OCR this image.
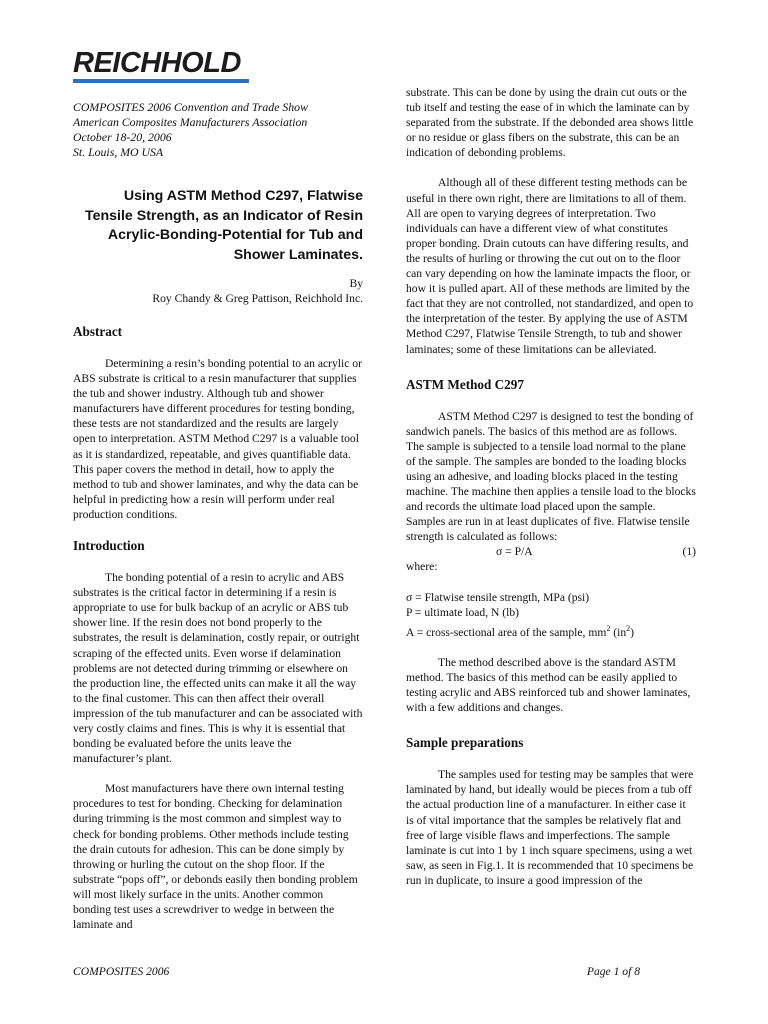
REICHHOLD

COMPOSITES 2006 Convention and Trade Show

American Composites Manufacturers Association

October 18-20, 2006

St. Louis, MO USA

Using ASTM Method C297, Flatwise Tensile Strength, as an Indicator of Resin Acrylic-Bonding-Potential for Tub and Shower Laminates.
By
Roy Chandy & Greg Pattison, Reichhold Inc.
Abstract

Determining a resin’s bonding potential to an acrylic or ABS substrate is critical to a resin manufacturer that supplies the tub and shower industry. Although tub and shower manufacturers have different procedures for testing bonding, these tests are not standardized and the results are largely open to interpretation. ASTM Method C297 is a valuable tool as it is standardized, repeatable, and gives quantifiable data. This paper covers the method in detail, how to apply the method to tub and shower laminates, and why the data can be helpful in predicting how a resin will perform under real production conditions.

Introduction

The bonding potential of a resin to acrylic and ABS substrates is the critical factor in determining if a resin is appropriate to use for bulk backup of an acrylic or ABS tub shower line. If the resin does not bond properly to the substrates, the result is delamination, costly repair, or outright scraping of the effected units. Even worse if delamination problems are not detected during trimming or elsewhere on the production line, the effected units can make it all the way to the final customer. This can then affect their overall impression of the tub manufacturer and can be associated with very costly claims and fines. This is why it is essential that bonding be evaluated before the units leave the manufacturer’s plant.

Most manufacturers have there own internal testing procedures to test for bonding. Checking for delamination during trimming is the most common and simplest way to check for bonding problems. Other methods include testing the drain cutouts for adhesion. This can be done simply by throwing or hurling the cutout on the shop floor. If the substrate “pops off”, or debonds easily then bonding problem will most likely surface in the units. Another common bonding test uses a screwdriver to wedge in between the laminate and

substrate. This can be done by using the drain cut outs or the tub itself and testing the ease of in which the laminate can by separated from the substrate. If the debonded area shows little or no residue or glass fibers on the substrate, this can be an indication of debonding problems.

Although all of these different testing methods can be useful in there own right, there are limitations to all of them. All are open to varying degrees of interpretation. Two individuals can have a different view of what constitutes proper bonding. Drain cutouts can have differing results, and the results of hurling or throwing the cut out on to the floor can vary depending on how the laminate impacts the floor, or how it is pulled apart. All of these methods are limited by the fact that they are not controlled, not standardized, and open to the interpretation of the tester. By applying the use of ASTM Method C297, Flatwise Tensile Strength, to tub and shower laminates; some of these limitations can be alleviated.

ASTM Method C297

ASTM Method C297 is designed to test the bonding of sandwich panels. The basics of this method are as follows. The sample is subjected to a tensile load normal to the plane of the sample. The samples are bonded to the loading blocks using an adhesive, and loading blocks placed in the testing machine. The machine then applies a tensile load to the blocks and records the ultimate load placed upon the sample. Samples are run in at least duplicates of five. Flatwise tensile strength is calculated as follows:

σ = P/A	(1)
where:
σ = Flatwise tensile strength, MPa (psi)
P = ultimate load, N (lb)
A = cross-sectional area of the sample, $mm^2$ $(in^2)$

The method described above is the standard ASTM method. The basics of this method can be easily applied to testing acrylic and ABS reinforced tub and shower laminates, with a few additions and changes.

Sample preparations

The samples used for testing may be samples that were laminated by hand, but ideally would be pieces from a tub off the actual production line of a manufacturer. In either case it is of vital importance that the samples be relatively flat and free of large visible flaws and imperfections. The sample laminate is cut into 1 by 1 inch square specimens, using a wet saw, as seen in Fig.1. It is recommended that 10 specimens be run in duplicate, to insure a good impression of the

COMPOSITES 2006	Page 1 of 8
